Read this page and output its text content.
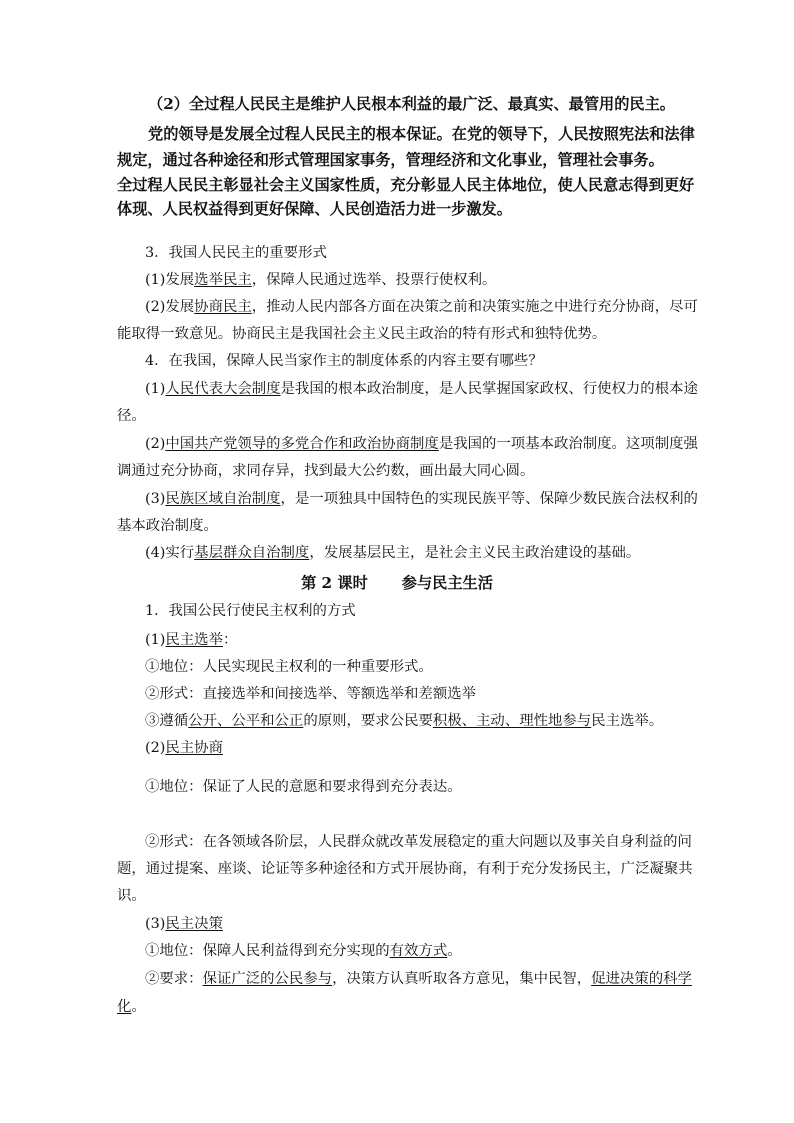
（2）全过程人民民主是维护人民根本利益的最广泛、最真实、最管用的民主。
党的领导是发展全过程人民民主的根本保证。在党的领导下，人民按照宪法和法律
规定，通过各种途径和形式管理国家事务，管理经济和文化事业，管理社会事务。
全过程人民民主彰显社会主义国家性质，充分彰显人民主体地位，使人民意志得到更好
体现、人民权益得到更好保障、人民创造活力进一步激发。
3．我国人民民主的重要形式
(1)发展选举民主，保障人民通过选举、投票行使权利。
(2)发展协商民主，推动人民内部各方面在决策之前和决策实施之中进行充分协商，尽可
能取得一致意见。协商民主是我国社会主义民主政治的特有形式和独特优势。
4．在我国，保障人民当家作主的制度体系的内容主要有哪些？
(1)人民代表大会制度是我国的根本政治制度，是人民掌握国家政权、行使权力的根本途
径。
(2)中国共产党领导的多党合作和政治协商制度是我国的一项基本政治制度。这项制度强
调通过充分协商，求同存异，找到最大公约数，画出最大同心圆。
(3)民族区域自治制度，是一项独具中国特色的实现民族平等、保障少数民族合法权利的
基本政治制度。
(4)实行基层群众自治制度，发展基层民主，是社会主义民主政治建设的基础。
第 2 课时 参与民主生活
1．我国公民行使民主权利的方式
(1)民主选举：
①地位：人民实现民主权利的一种重要形式。
②形式：直接选举和间接选举、等额选举和差额选举
③遵循公开、公平和公正的原则，要求公民要积极、主动、理性地参与民主选举。
(2)民主协商
①地位：保证了人民的意愿和要求得到充分表达。
②形式：在各领域各阶层，人民群众就改革发展稳定的重大问题以及事关自身利益的问
题，通过提案、座谈、论证等多种途径和方式开展协商，有利于充分发扬民主，广泛凝聚共
识。
(3)民主决策
①地位：保障人民利益得到充分实现的有效方式。
②要求：保证广泛的公民参与，决策方认真听取各方意见，集中民智，促进决策的科学
化。
